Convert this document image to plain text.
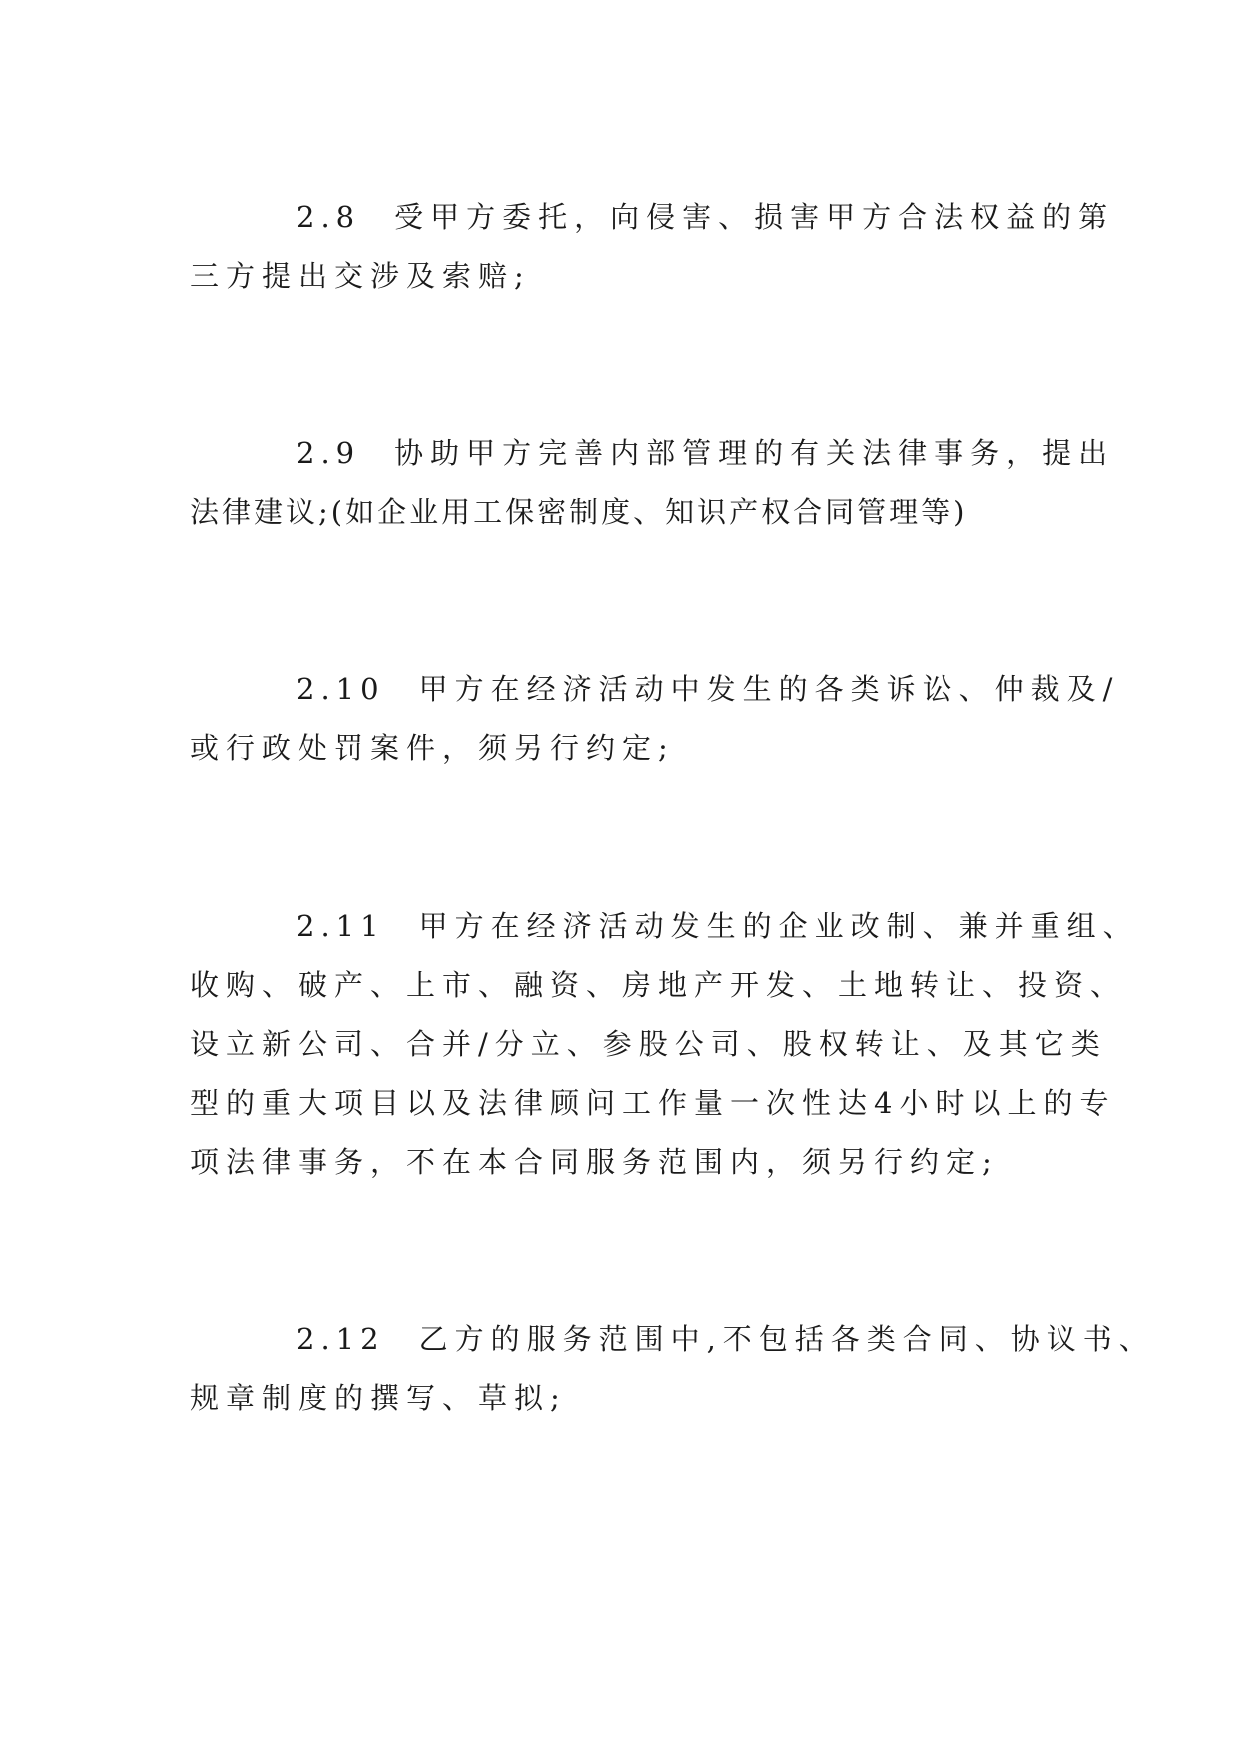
2.8 受甲方委托，向侵害、损害甲方合法权益的第
三方提出交涉及索赔;
2.9 协助甲方完善内部管理的有关法律事务，提出
法律建议;(如企业用工保密制度、知识产权合同管理等)
2.10 甲方在经济活动中发生的各类诉讼、仲裁及/
或行政处罚案件，须另行约定;
2.11 甲方在经济活动发生的企业改制、兼并重组、
收购、破产、上市、融资、房地产开发、土地转让、投资、
设立新公司、合并/分立、参股公司、股权转让、及其它类
型的重大项目以及法律顾问工作量一次性达4小时以上的专
项法律事务，不在本合同服务范围内，须另行约定;
2.12 乙方的服务范围中,不包括各类合同、协议书、
规章制度的撰写、草拟;
